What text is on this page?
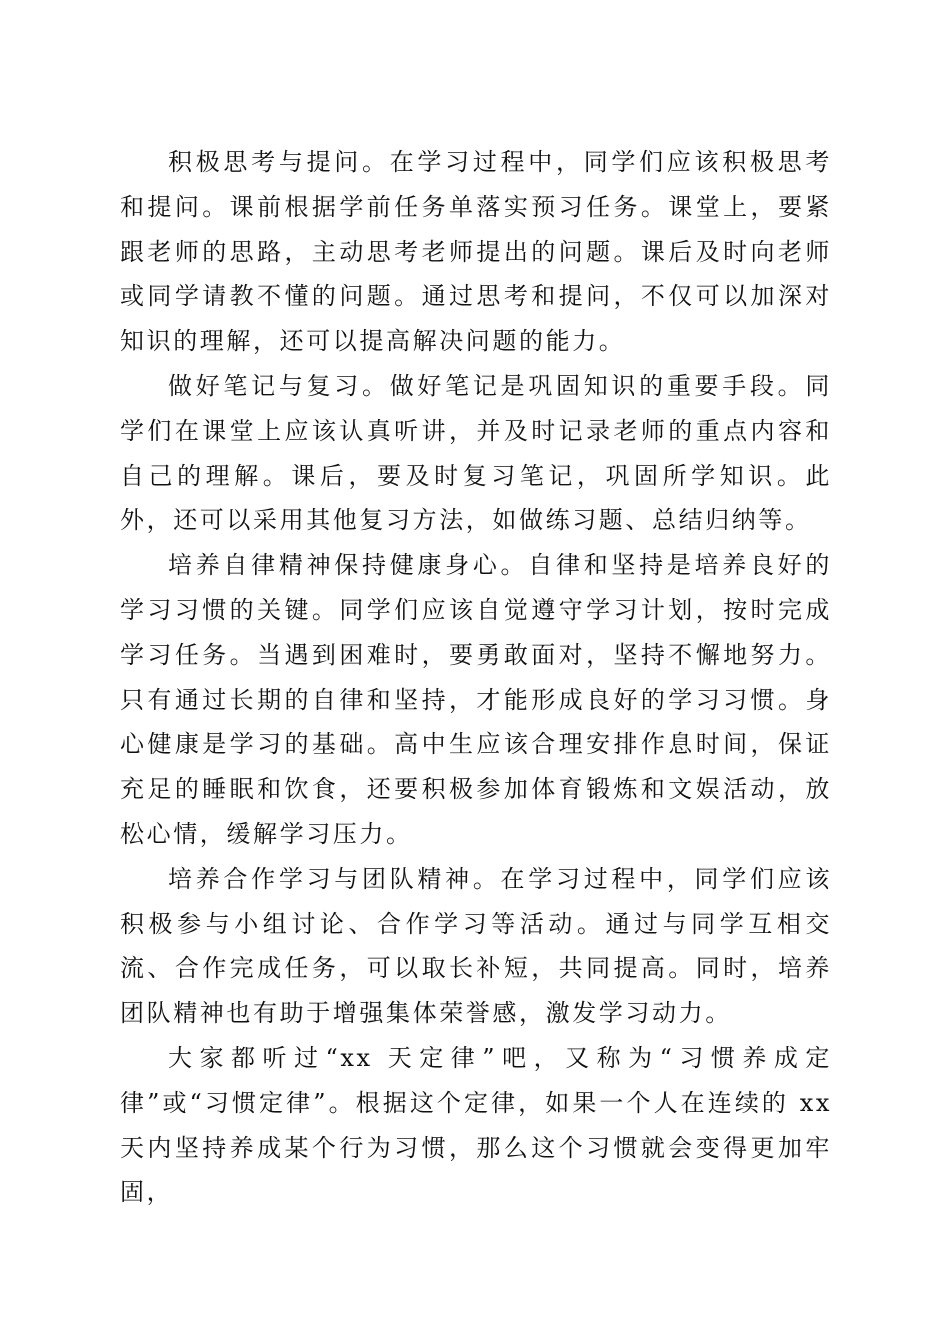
积极思考与提问。在学习过程中，同学们应该积极思考和提问。课前根据学前任务单落实预习任务。课堂上，要紧跟老师的思路，主动思考老师提出的问题。课后及时向老师或同学请教不懂的问题。通过思考和提问，不仅可以加深对知识的理解，还可以提高解决问题的能力。

做好笔记与复习。做好笔记是巩固知识的重要手段。同学们在课堂上应该认真听讲，并及时记录老师的重点内容和自己的理解。课后，要及时复习笔记，巩固所学知识。此外，还可以采用其他复习方法，如做练习题、总结归纳等。

培养自律精神保持健康身心。自律和坚持是培养良好的学习习惯的关键。同学们应该自觉遵守学习计划，按时完成学习任务。当遇到困难时，要勇敢面对，坚持不懈地努力。只有通过长期的自律和坚持，才能形成良好的学习习惯。身心健康是学习的基础。高中生应该合理安排作息时间，保证充足的睡眠和饮食，还要积极参加体育锻炼和文娱活动，放松心情，缓解学习压力。

培养合作学习与团队精神。在学习过程中，同学们应该积极参与小组讨论、合作学习等活动。通过与同学互相交流、合作完成任务，可以取长补短，共同提高。同时，培养团队精神也有助于增强集体荣誉感，激发学习动力。

大家都听过“xx 天定律”吧，又称为“习惯养成定律”或“习惯定律”。根据这个定律，如果一个人在连续的 xx 天内坚持养成某个行为习惯，那么这个习惯就会变得更加牢固，
